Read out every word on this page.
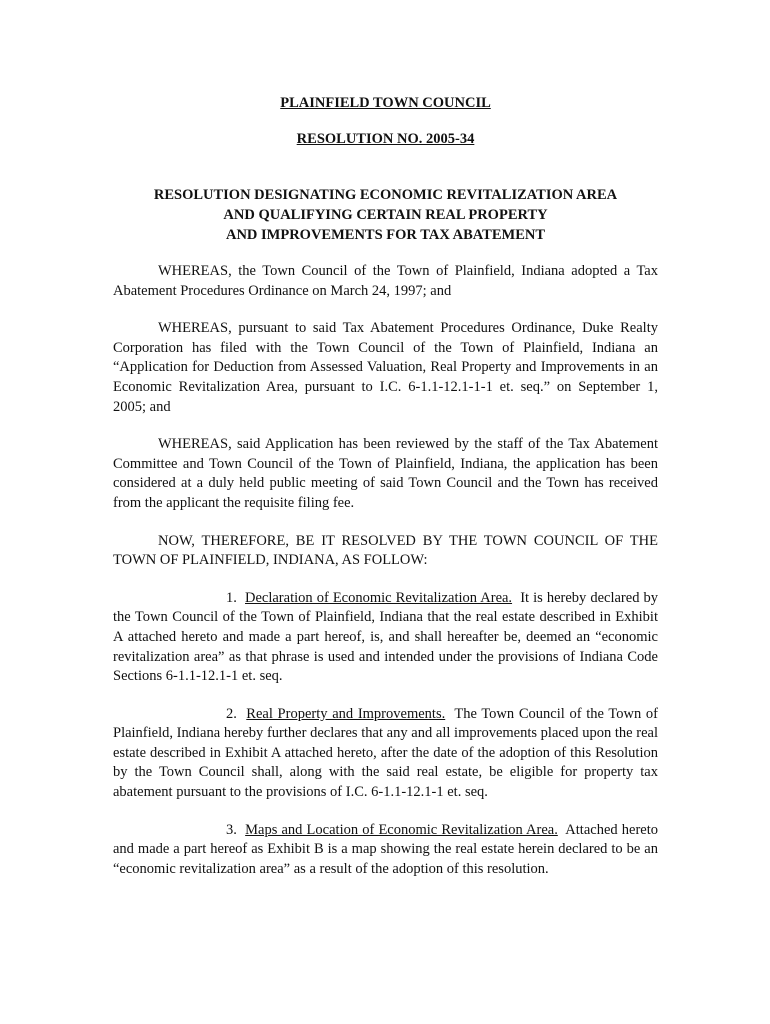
PLAINFIELD TOWN COUNCIL
RESOLUTION NO. 2005-34
RESOLUTION DESIGNATING ECONOMIC REVITALIZATION AREA
AND QUALIFYING CERTAIN REAL PROPERTY
AND IMPROVEMENTS FOR TAX ABATEMENT

WHEREAS, the Town Council of the Town of Plainfield, Indiana adopted a Tax Abatement Procedures Ordinance on March 24, 1997; and

WHEREAS, pursuant to said Tax Abatement Procedures Ordinance, Duke Realty Corporation has filed with the Town Council of the Town of Plainfield, Indiana an “Application for Deduction from Assessed Valuation, Real Property and Improvements in an Economic Revitalization Area, pursuant to I.C. 6-1.1-12.1-1-1 et. seq.” on September 1, 2005; and

WHEREAS, said Application has been reviewed by the staff of the Tax Abatement Committee and Town Council of the Town of Plainfield, Indiana, the application has been considered at a duly held public meeting of said Town Council and the Town has received from the applicant the requisite filing fee.

NOW, THEREFORE, BE IT RESOLVED BY THE TOWN COUNCIL OF THE TOWN OF PLAINFIELD, INDIANA, AS FOLLOW:

1. Declaration of Economic Revitalization Area. It is hereby declared by the Town Council of the Town of Plainfield, Indiana that the real estate described in Exhibit A attached hereto and made a part hereof, is, and shall hereafter be, deemed an “economic revitalization area” as that phrase is used and intended under the provisions of Indiana Code Sections 6-1.1-12.1-1 et. seq.

2. Real Property and Improvements. The Town Council of the Town of Plainfield, Indiana hereby further declares that any and all improvements placed upon the real estate described in Exhibit A attached hereto, after the date of the adoption of this Resolution by the Town Council shall, along with the said real estate, be eligible for property tax abatement pursuant to the provisions of I.C. 6-1.1-12.1-1 et. seq.

3. Maps and Location of Economic Revitalization Area. Attached hereto and made a part hereof as Exhibit B is a map showing the real estate herein declared to be an “economic revitalization area” as a result of the adoption of this resolution.
